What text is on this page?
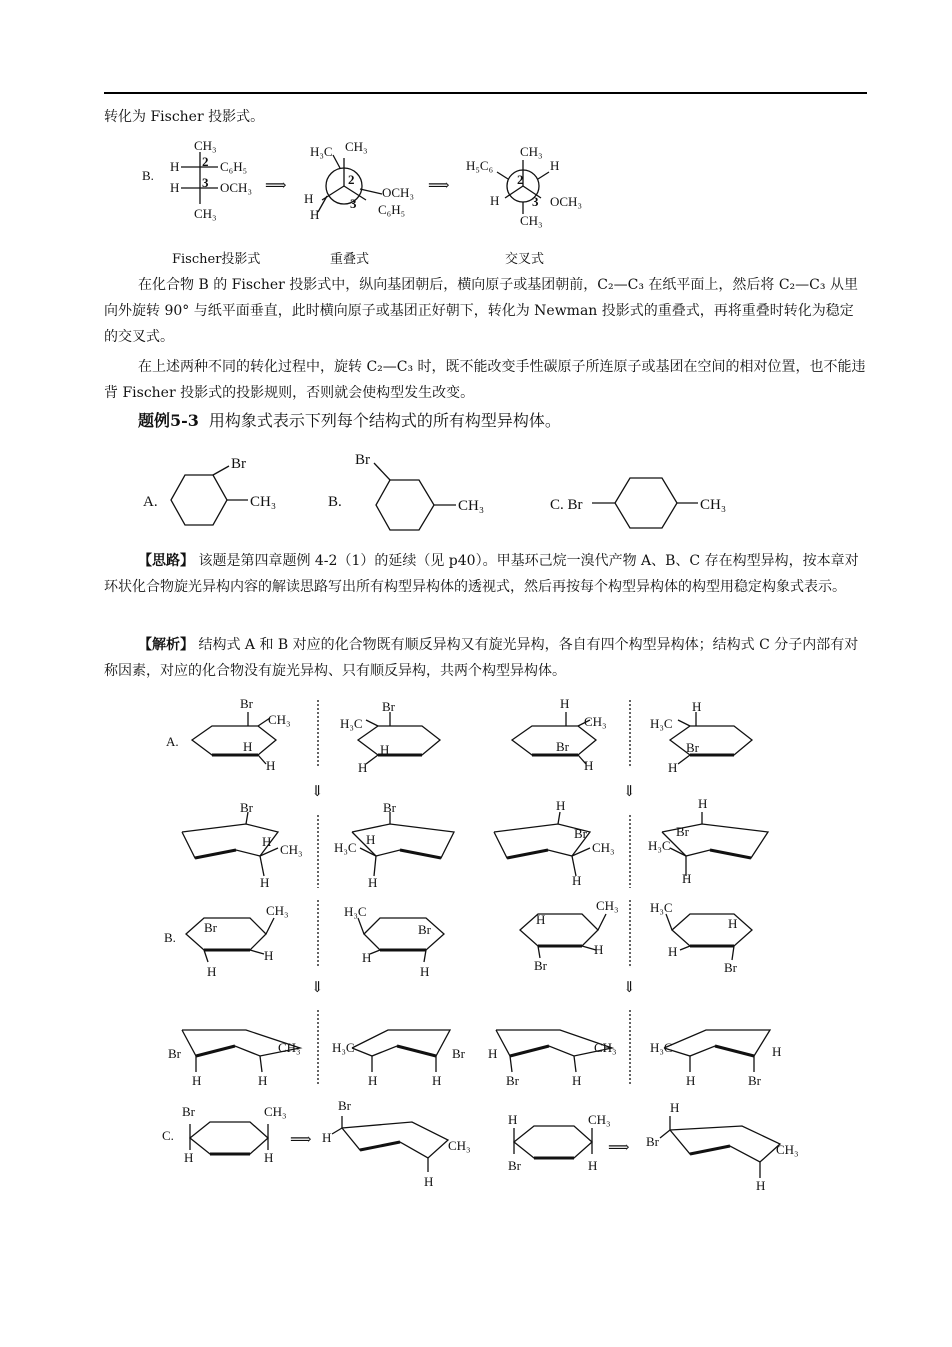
转化为 Fischer 投影式。
Fischer投影式	重叠式	交叉式
在化合物 B 的 Fischer 投影式中，纵向基团朝后，横向原子或基团朝前，C₂—C₃ 在纸平面上，然后将 C₂—C₃ 从里向外旋转 90° 与纸平面垂直，此时横向原子或基团正好朝下，转化为 Newman 投影式的重叠式，再将重叠时转化为稳定的交叉式。
在上述两种不同的转化过程中，旋转 C₂—C₃ 时，既不能改变手性碳原子所连原子或基团在空间的相对位置，也不能违背 Fischer 投影式的投影规则，否则就会使构型发生改变。
题例5-3 用构象式表示下列每个结构式的所有构型异构体。
【思路】 该题是第四章题例 4-2（1）的延续（见 p40）。甲基环己烷一溴代产物 A、B、C 存在构型异构，按本章对环状化合物旋光异构内容的解读思路写出所有构型异构体的透视式，然后再按每个构型异构体的构型用稳定构象式表示。
【解析】 结构式 A 和 B 对应的化合物既有顺反异构又有旋光异构，各自有四个构型异构体；结构式 C 分子内部有对称因素，对应的化合物没有旋光异构、只有顺反异构，共两个构型异构体。
B.
CH₃
H 2 C₆H₅
H 3 OCH₃
CH₃
⟹
H₃C CH₃
2
3
H
H
OCH₃
C₆H₅
⟹
CH₃
H₅C₆	H
2
3
H	OCH₃
CH₃
A.
Br
CH₃	B.
Br
CH₃	C. Br	CH₃
A.
Br
CH₃
H
H
H₃C
Br
H
H
H
CH₃
Br
H
H₃C
H
Br
H
⇓	⇓
Br
H
CH₃
H
Br
H
H₃C
H
H
Br
CH₃
H
H
Br
H₃C
H
B.
CH₃
Br
H
H
H₃C
Br
H
H
CH₃
H
H
Br
H₃C
H
H
Br
⇓	⇓
Br	CH₃
H	H
H₃C	Br
H	H
H	CH₃
Br	H
H₃C	H
H	Br
C.
Br	CH₃
H	H
⟹
Br
H
CH₃
H
H	CH₃
Br	H
⟹
H
Br
CH₃
H
